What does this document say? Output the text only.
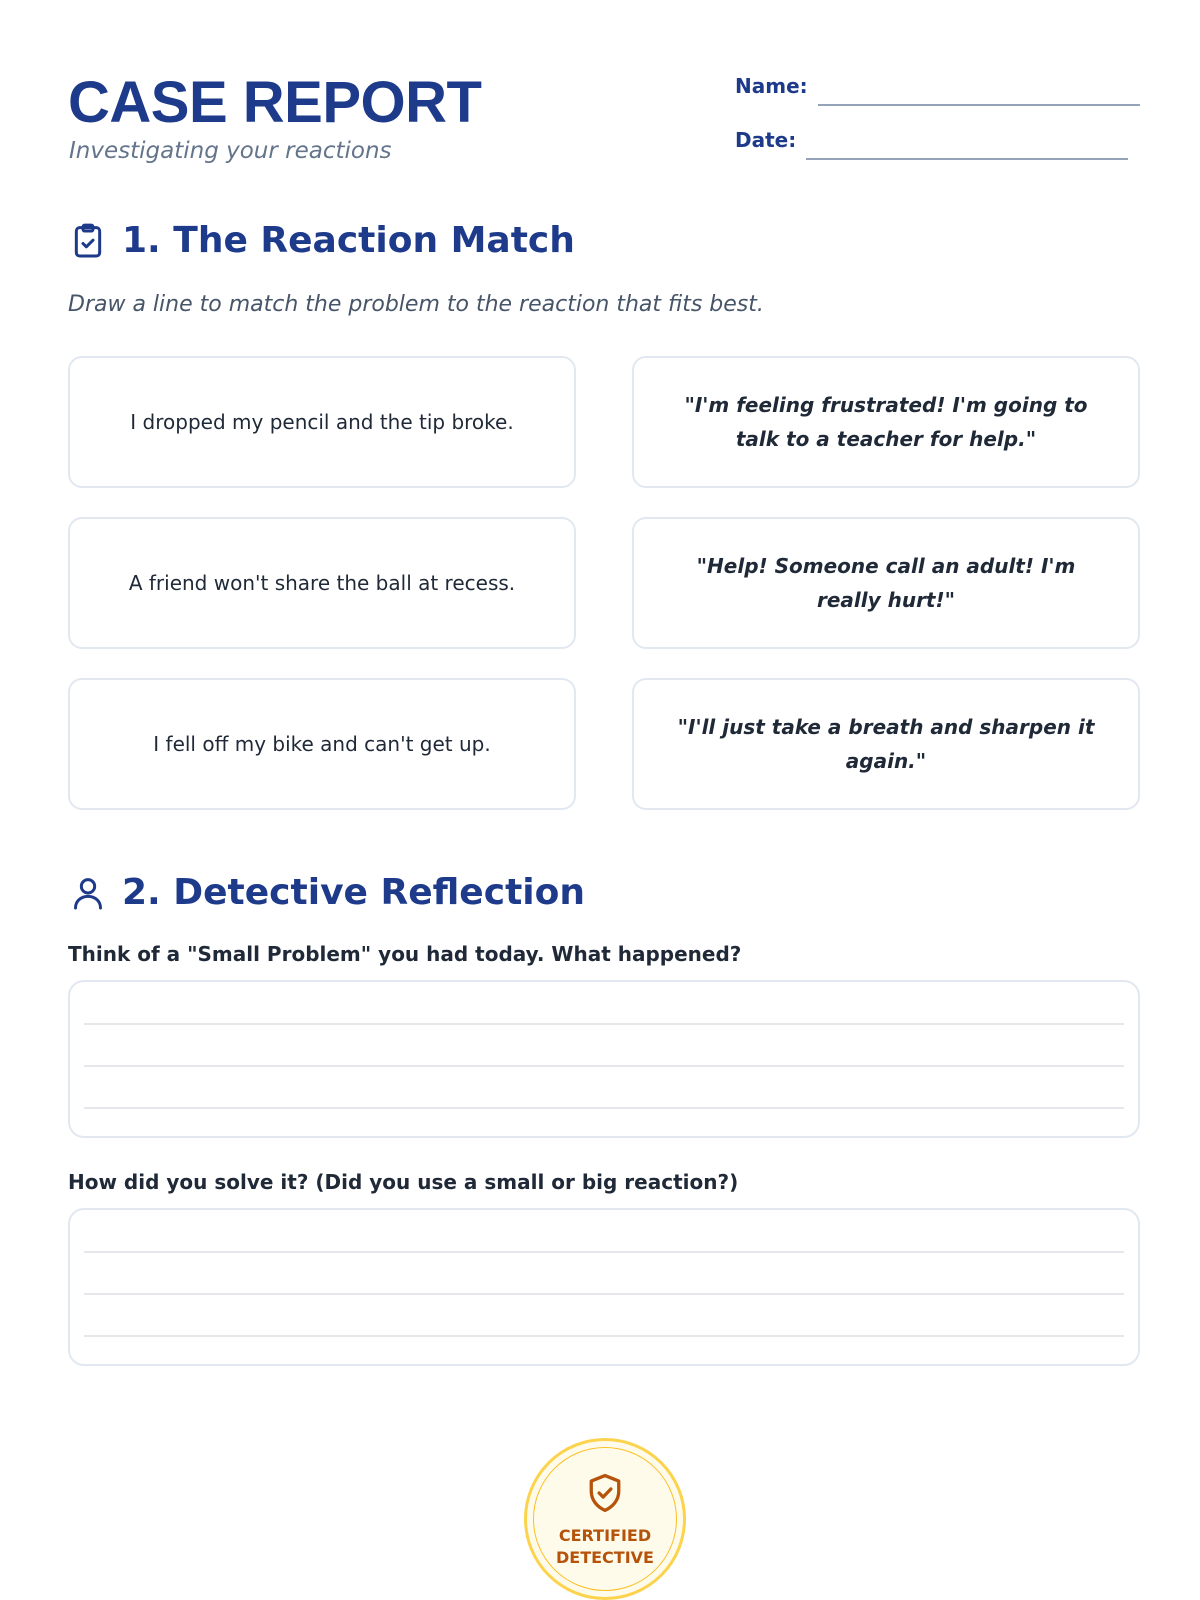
CASE REPORT
Investigating your reactions
Name:
Date:
1. The Reaction Match
Draw a line to match the problem to the reaction that fits best.
I dropped my pencil and the tip broke.
A friend won't share the ball at recess.
I fell off my bike and can't get up.
"I'm feeling frustrated! I'm going to talk to a teacher for help."
"Help! Someone call an adult! I'm really hurt!"
"I'll just take a breath and sharpen it again."
2. Detective Reflection
Think of a "Small Problem" you had today. What happened?
How did you solve it? (Did you use a small or big reaction?)
CERTIFIED
DETECTIVE
